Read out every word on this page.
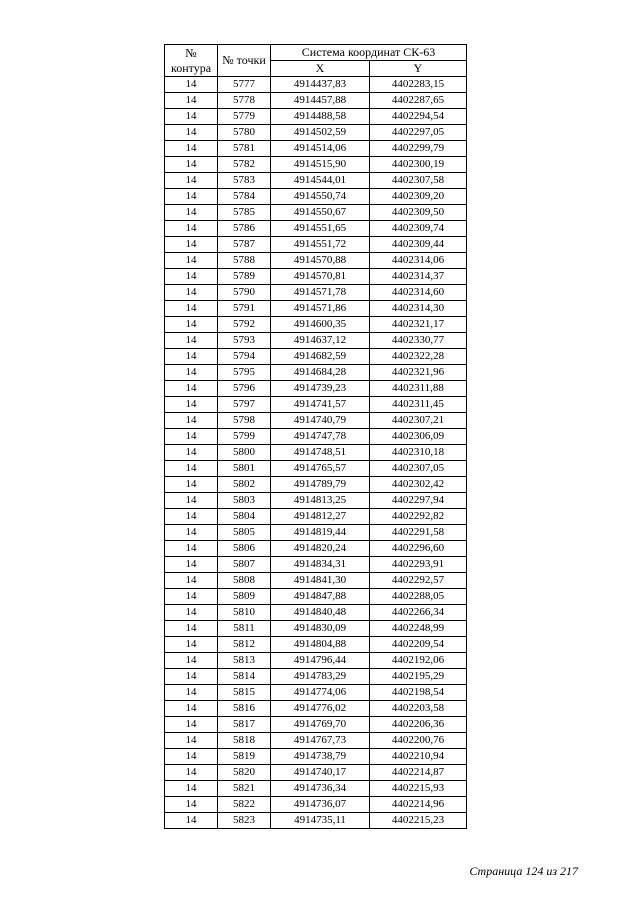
№ контура	№ точки	Система координат СК-63	
		X	Y
14	5777	4914437,83	4402283,15
14	5778	4914457,88	4402287,65
14	5779	4914488,58	4402294,54
14	5780	4914502,59	4402297,05
14	5781	4914514,06	4402299,79
14	5782	4914515,90	4402300,19
14	5783	4914544,01	4402307,58
14	5784	4914550,74	4402309,20
14	5785	4914550,67	4402309,50
14	5786	4914551,65	4402309,74
14	5787	4914551,72	4402309,44
14	5788	4914570,88	4402314,06
14	5789	4914570,81	4402314,37
14	5790	4914571,78	4402314,60
14	5791	4914571,86	4402314,30
14	5792	4914600,35	4402321,17
14	5793	4914637,12	4402330,77
14	5794	4914682,59	4402322,28
14	5795	4914684,28	4402321,96
14	5796	4914739,23	4402311,88
14	5797	4914741,57	4402311,45
14	5798	4914740,79	4402307,21
14	5799	4914747,78	4402306,09
14	5800	4914748,51	4402310,18
14	5801	4914765,57	4402307,05
14	5802	4914789,79	4402302,42
14	5803	4914813,25	4402297,94
14	5804	4914812,27	4402292,82
14	5805	4914819,44	4402291,58
14	5806	4914820,24	4402296,60
14	5807	4914834,31	4402293,91
14	5808	4914841,30	4402292,57
14	5809	4914847,88	4402288,05
14	5810	4914840,48	4402266,34
14	5811	4914830,09	4402248,99
14	5812	4914804,88	4402209,54
14	5813	4914796,44	4402192,06
14	5814	4914783,29	4402195,29
14	5815	4914774,06	4402198,54
14	5816	4914776,02	4402203,58
14	5817	4914769,70	4402206,36
14	5818	4914767,73	4402200,76
14	5819	4914738,79	4402210,94
14	5820	4914740,17	4402214,87
14	5821	4914736,34	4402215,93
14	5822	4914736,07	4402214,96
14	5823	4914735,11	4402215,23
Страница 124 из 217
